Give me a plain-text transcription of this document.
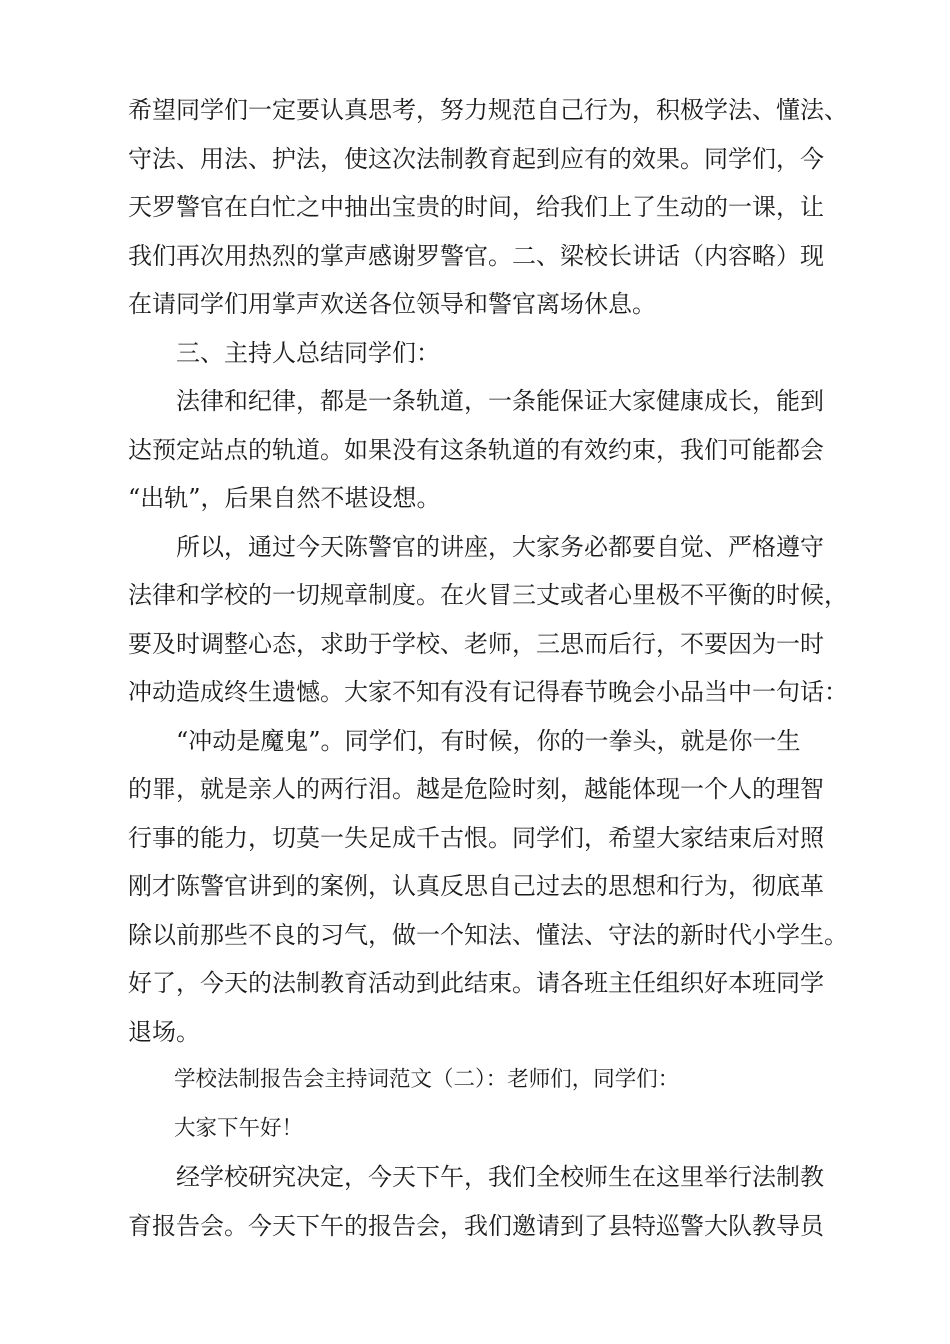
希望同学们一定要认真思考，努力规范自己行为，积极学法、懂法、
守法、用法、护法，使这次法制教育起到应有的效果。同学们，今
天罗警官在白忙之中抽出宝贵的时间，给我们上了生动的一课，让
我们再次用热烈的掌声感谢罗警官。二、梁校长讲话（内容略）现
在请同学们用掌声欢送各位领导和警官离场休息。
三、主持人总结同学们：
法律和纪律，都是一条轨道，一条能保证大家健康成长，能到
达预定站点的轨道。如果没有这条轨道的有效约束，我们可能都会
“出轨”，后果自然不堪设想。
所以，通过今天陈警官的讲座，大家务必都要自觉、严格遵守
法律和学校的一切规章制度。在火冒三丈或者心里极不平衡的时候，
要及时调整心态，求助于学校、老师，三思而后行，不要因为一时
冲动造成终生遗憾。大家不知有没有记得春节晚会小品当中一句话：
“冲动是魔鬼”。同学们，有时候，你的一拳头，就是你一生
的罪，就是亲人的两行泪。越是危险时刻，越能体现一个人的理智
行事的能力，切莫一失足成千古恨。同学们，希望大家结束后对照
刚才陈警官讲到的案例，认真反思自己过去的思想和行为，彻底革
除以前那些不良的习气，做一个知法、懂法、守法的新时代小学生。
好了，今天的法制教育活动到此结束。请各班主任组织好本班同学
退场。
学校法制报告会主持词范文（二）：老师们，同学们：
大家下午好！
经学校研究决定，今天下午，我们全校师生在这里举行法制教
育报告会。今天下午的报告会，我们邀请到了县特巡警大队教导员
